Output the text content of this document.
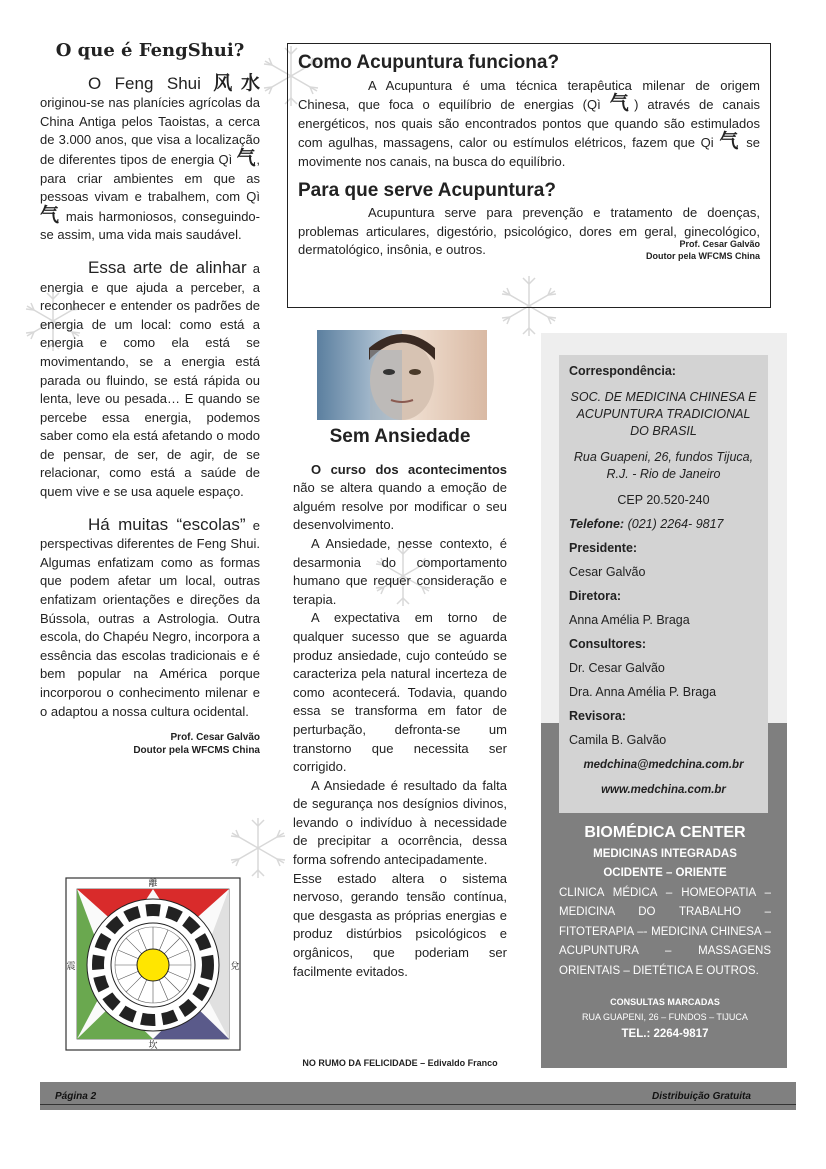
O que é FengShui?
O Feng Shui 风水 originou-se nas planícies agrícolas da China Antiga pelos Taoistas, a cerca de 3.000 anos, que visa a localização de diferentes tipos de energia Qì 气, para criar ambientes em que as pessoas vivam e trabalhem, com Qì 气 mais harmoniosos, conseguindo-se assim, uma vida mais saudável.
Essa arte de alinhar a energia e que ajuda a perceber, a reconhecer e entender os padrões de energia de um local: como está a energia e como ela está se movimentando, se a energia está parada ou fluindo, se está rápida ou lenta, leve ou pesada… E quando se percebe essa energia, podemos saber como ela está afetando o modo de pensar, de ser, de agir, de se relacionar, como está a saúde de quem vive e se usa aquele espaço.
Há muitas “escolas” e perspectivas diferentes de Feng Shui. Algumas enfatizam como as formas que podem afetar um local, outras enfatizam orientações e direções da Bússola, outras a Astrologia. Outra escola, do Chapéu Negro, incorpora a essência das escolas tradicionais e é bem popular na América porque incorporou o conhecimento milenar e o adaptou a nossa cultura ocidental.
Prof. Cesar Galvão
Doutor pela WFCMS China
離
坎
震	兌
Como Acupuntura funciona?
A Acupuntura é uma técnica terapêutica milenar de origem Chinesa, que foca o equilíbrio de energias (Qì 气) através de canais energéticos, nos quais são encontrados pontos que quando são estimulados com agulhas, massagens, calor ou estímulos elétricos, fazem que Qi 气 se movimente nos canais, na busca do equilíbrio.
Para que serve Acupuntura?
Acupuntura serve para prevenção e tratamento de doenças, problemas articulares, digestório, psicológico, dores em geral, ginecológico, dermatológico, insônia, e outros.	Prof. Cesar Galvão
Doutor pela WFCMS China
Sem Ansiedade

O curso dos acontecimentos não se altera quando a emoção de alguém resolve por modificar o seu desenvolvimento.

A Ansiedade, nesse contexto, é desarmonia do comportamento humano que requer consideração e terapia.

A expectativa em torno de qualquer sucesso que se aguarda produz ansiedade, cujo conteúdo se caracteriza pela natural incerteza de como acontecerá. Todavia, quando essa se transforma em fator de perturbação, defronta-se um transtorno que necessita ser corrigido.

A Ansiedade é resultado da falta de segurança nos desígnios divinos, levando o indivíduo à necessidade de precipitar a ocorrência, dessa forma sofrendo antecipadamente.

Esse estado altera o sistema nervoso, gerando tensão contínua, que desgasta as próprias energias e produz distúrbios psicológicos e orgânicos, que poderiam ser facilmente evitados.

NO RUMO DA FELICIDADE – Edivaldo Franco
Correspondência:
SOC. DE MEDICINA CHINESA E ACUPUNTURA TRADICIONAL DO BRASIL
Rua Guapeni, 26, fundos Tijuca, R.J. - Rio de Janeiro
CEP 20.520-240
Telefone: (021) 2264- 9817
Presidente:
Cesar Galvão
Diretora:
Anna Amélia P. Braga
Consultores:
Dr. Cesar Galvão
Dra. Anna Amélia P. Braga
Revisora:
Camila B. Galvão
medchina@medchina.com.br
www.medchina.com.br
BIOMÉDICA CENTER
MEDICINAS INTEGRADAS
OCIDENTE – ORIENTE
CLINICA MÉDICA – HOMEOPATIA – MEDICINA DO TRABALHO – FITOTERAPIA –- MEDICINA CHINESA – ACUPUNTURA – MASSAGENS ORIENTAIS – DIETÉTICA E OUTROS.
CONSULTAS MARCADAS
RUA GUAPENI, 26 – FUNDOS – TIJUCA
TEL.: 2264-9817
Página 2	Distribuição Gratuita
